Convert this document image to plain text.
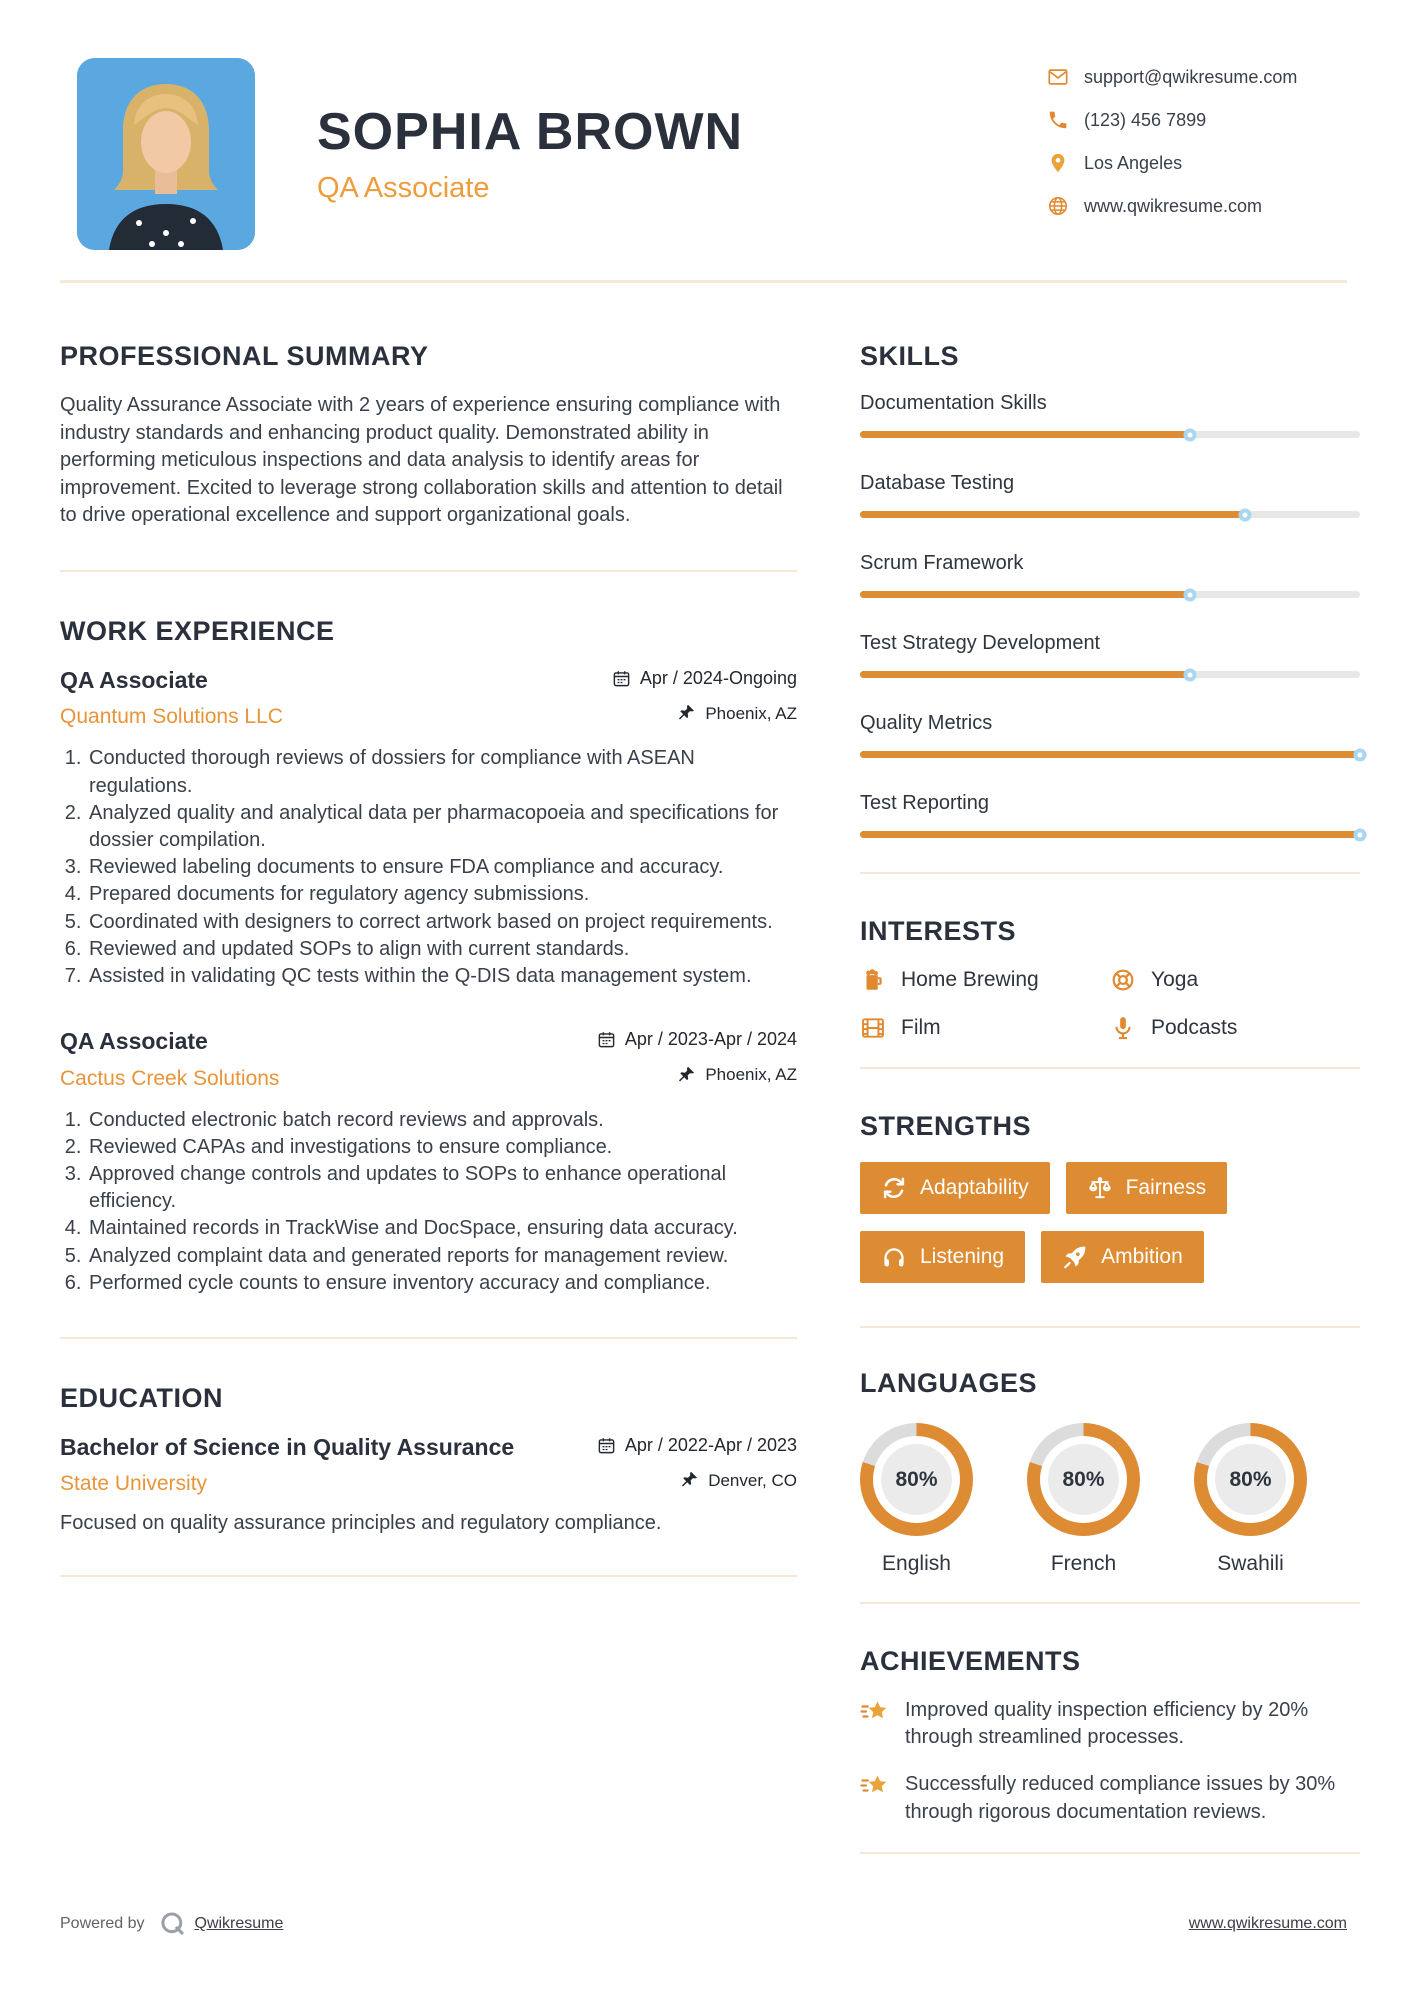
SOPHIA BROWN
QA Associate
support@qwikresume.com
(123) 456 7899
Los Angeles
www.qwikresume.com
PROFESSIONAL SUMMARY

Quality Assurance Associate with 2 years of experience ensuring compliance with industry standards and enhancing product quality. Demonstrated ability in performing meticulous inspections and data analysis to identify areas for improvement. Excited to leverage strong collaboration skills and attention to detail to drive operational excellence and support organizational goals.

WORK EXPERIENCE
QA Associate	Apr / 2024-Ongoing
Quantum Solutions LLC	Phoenix, AZ
1. Conducted thorough reviews of dossiers for compliance with ASEAN regulations.
2. Analyzed quality and analytical data per pharmacopoeia and specifications for dossier compilation.
3. Reviewed labeling documents to ensure FDA compliance and accuracy.
4. Prepared documents for regulatory agency submissions.
5. Coordinated with designers to correct artwork based on project requirements.
6. Reviewed and updated SOPs to align with current standards.
7. Assisted in validating QC tests within the Q-DIS data management system.
QA Associate	Apr / 2023-Apr / 2024
Cactus Creek Solutions	Phoenix, AZ
1. Conducted electronic batch record reviews and approvals.
2. Reviewed CAPAs and investigations to ensure compliance.
3. Approved change controls and updates to SOPs to enhance operational efficiency.
4. Maintained records in TrackWise and DocSpace, ensuring data accuracy.
5. Analyzed complaint data and generated reports for management review.
6. Performed cycle counts to ensure inventory accuracy and compliance.
EDUCATION
Bachelor of Science in Quality Assurance	Apr / 2022-Apr / 2023
State University	Denver, CO

Focused on quality assurance principles and regulatory compliance.

SKILLS
Documentation Skills
Database Testing
Scrum Framework
Test Strategy Development
Quality Metrics
Test Reporting
INTERESTS
Home Brewing	Yoga
Film	Podcasts
STRENGTHS
Adaptability	Fairness
Listening	Ambition
LANGUAGES
80%
English
80%
French
80%
Swahili
ACHIEVEMENTS
Improved quality inspection efficiency by 20% through streamlined processes.
Successfully reduced compliance issues by 30% through rigorous documentation reviews.
Powered by	Qwikresume	www.qwikresume.com
